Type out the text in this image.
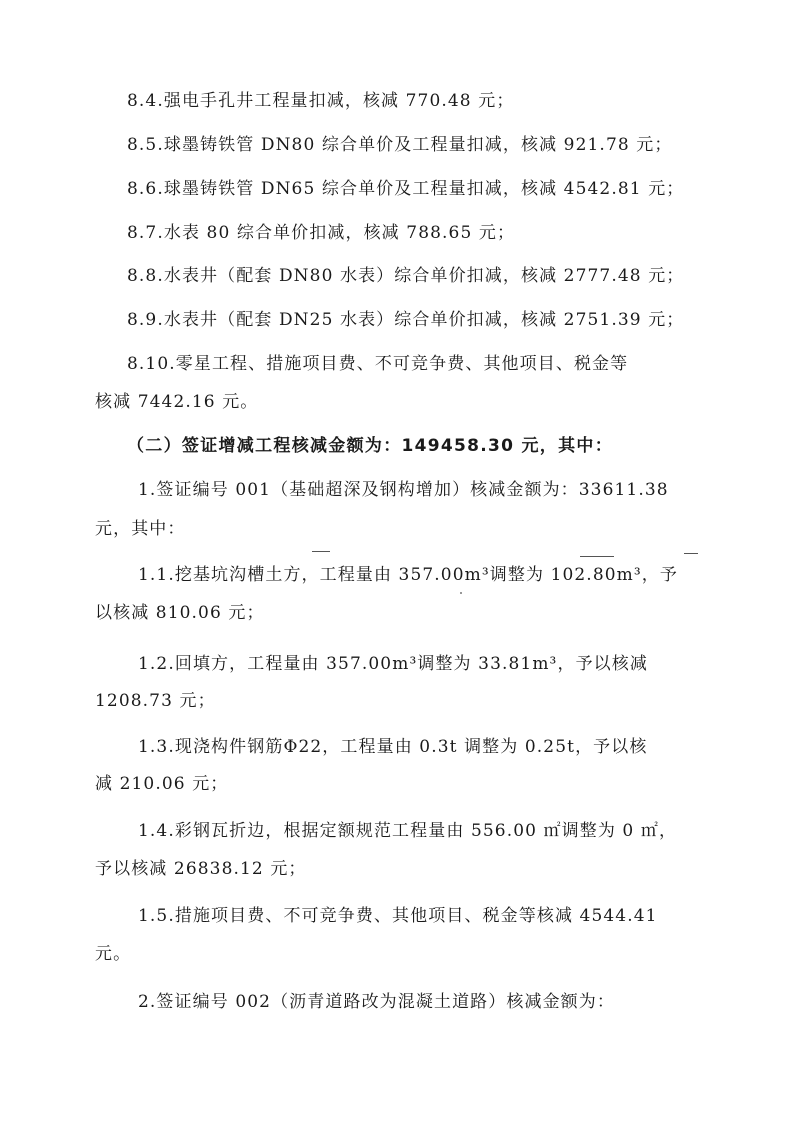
8.4.强电手孔井工程量扣减，核减 770.48 元；
8.5.球墨铸铁管 DN80 综合单价及工程量扣减，核减 921.78 元；
8.6.球墨铸铁管 DN65 综合单价及工程量扣减，核减 4542.81 元；
8.7.水表 80 综合单价扣减，核减 788.65 元；
8.8.水表井（配套 DN80 水表）综合单价扣减，核减 2777.48 元；
8.9.水表井（配套 DN25 水表）综合单价扣减，核减 2751.39 元；
8.10.零星工程、措施项目费、不可竞争费、其他项目、税金等
核减 7442.16 元。
（二）签证增减工程核减金额为：149458.30 元，其中：
1.签证编号 001（基础超深及钢构增加）核减金额为：33611.38
元，其中：
1.1.挖基坑沟槽土方，工程量由 357.00m³调整为 102.80m³，予
以核减 810.06 元；
1.2.回填方，工程量由 357.00m³调整为 33.81m³，予以核减
1208.73 元；
1.3.现浇构件钢筋Φ22，工程量由 0.3t 调整为 0.25t，予以核
减 210.06 元；
1.4.彩钢瓦折边，根据定额规范工程量由 556.00 ㎡调整为 0 ㎡，
予以核减 26838.12 元；
1.5.措施项目费、不可竞争费、其他项目、税金等核减 4544.41
元。
2.签证编号 002（沥青道路改为混凝土道路）核减金额为：
